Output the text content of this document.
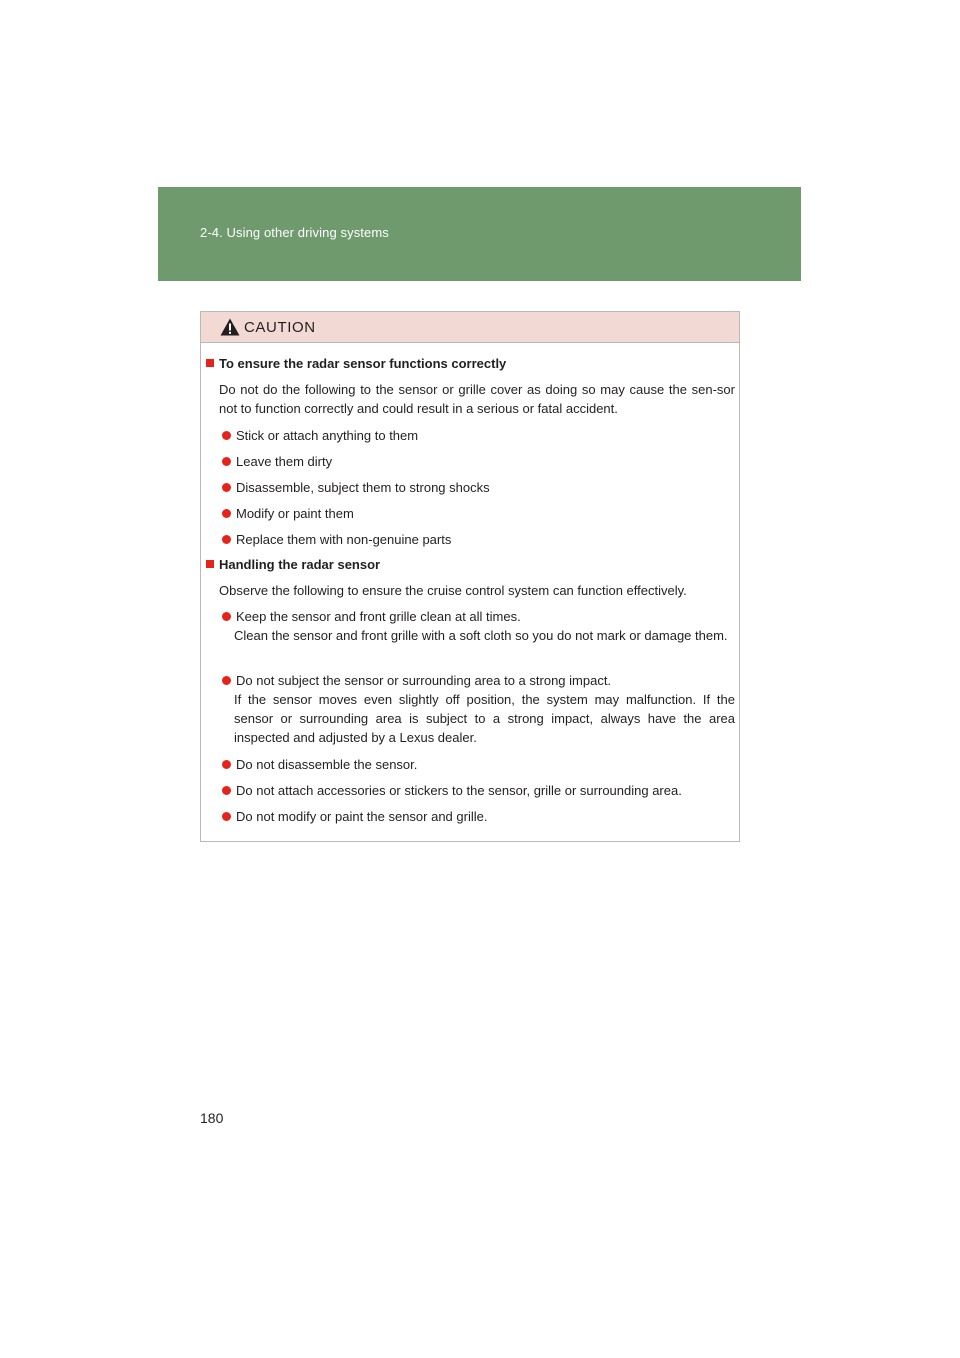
2-4. Using other driving systems
CAUTION
To ensure the radar sensor functions correctly
Do not do the following to the sensor or grille cover as doing so may cause the sen-sor not to function correctly and could result in a serious or fatal accident.
Stick or attach anything to them
Leave them dirty
Disassemble, subject them to strong shocks
Modify or paint them
Replace them with non-genuine parts
Handling the radar sensor
Observe the following to ensure the cruise control system can function effectively.
Keep the sensor and front grille clean at all times.
Clean the sensor and front grille with a soft cloth so you do not mark or damage them.
Do not subject the sensor or surrounding area to a strong impact.
If the sensor moves even slightly off position, the system may malfunction. If the sensor or surrounding area is subject to a strong impact, always have the area inspected and adjusted by a Lexus dealer.
Do not disassemble the sensor.
Do not attach accessories or stickers to the sensor, grille or surrounding area.
Do not modify or paint the sensor and grille.
180
